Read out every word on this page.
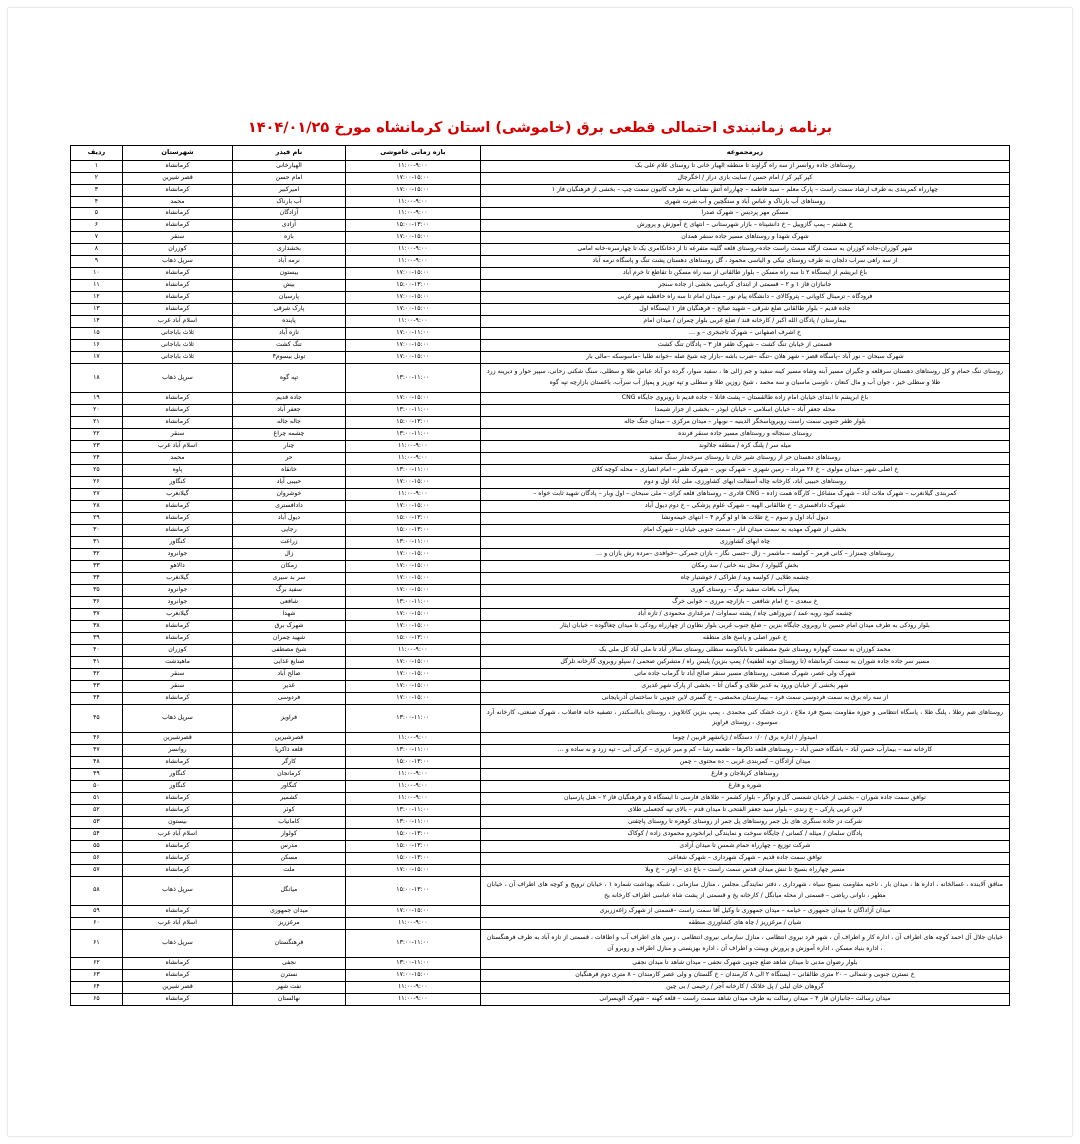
برنامه زمانبندی احتمالی قطعی برق (خاموشی) استان کرمانشاه مورخ ۱۴۰۴/۰۱/۲۵
زیرمجموعه	بازه زمانی خاموشی	نام فیدر	شهرستان	ردیف
روستاهای جاده روانسر از سه راه گراوند تا منطقه الهیار خانی تا روستای غلام علی بک	۱۱:۰۰-۹:۰۰	الهیارخانی	کرمانشاه	۱
کپر کپر کر / امام حسن / سایت بازی دراز / اخگرچال	۱۷:۰۰-۱۵:۰۰	امام حسن	قصر شیرین	۲
چهارراه کمربندی به طرف ارشاد سمت راست – پارک معلم – سید فاطمه – چهارراه آتش نشانی به طرف کانیون سمت چپ – بخشی از فرهنگیان فاز ۱	۱۷:۰۰-۱۵:۰۰	امیرکبیر	کرمانشاه	۳
روستاهای آب بارناک و عباس آباد و ستگچین و آب شرت شهری	۱۱:۰۰-۹:۰۰	آب بارناک	محمد	۴
مسکن مهر پردیس – شهرک صدرا	۱۱:۰۰-۹:۰۰	آزادگان	کرمانشاه	۵
خ هشتم – پمپ گازوییل – خ دانشپناه – بازار شهرستانی – انتهای خ آموزش و پرورش	۱۵:۰۰-۱۳:۰۰	آزادی	کرمانشاه	۶
شهرک شهدا و روستاهای مسیر جاده سنقر همدان	۱۷:۰۰-۱۵:۰۰	بازه	سنقر	۷
شهر کوزران-جاده کوزران به سمت ازگله سمت راست جاده-روستای قلعه گلینه متفرعه تا از دخانکامری یک تا چهارسره-خانه امامی	۱۱:۰۰-۹:۰۰	بخشداری	کوزران	۸
از سه راهی سراب دلجان به طرف روستای نیکی و الیاسی محمود ، گل روستاهای دهستان پشت تنگ و پاسگاه نرمه آباد	۱۱:۰۰-۹:۰۰	نرمه آباد	سرپل ذهاب	۹
باغ ابریشم از ایستگاه ۲ تا سه راه مسکن – بلوار طالقانی از سه راه مسکن تا تقاطع تا خرم آباد	۱۷:۰۰-۱۵:۰۰	بیستون	کرمانشاه	۱۰
جانبازان فاز ۱ و ۲ – قسمتی از ابتدای کرباسی بخشی از جاده سنجر	۱۵:۰۰-۱۳:۰۰	بیش	کرمانشاه	۱۱
فرودگاه – ترمینال کاویانی – پتروکالای – دانشگاه پیام نور – میدان امام تا سه راه حافظیه شهر غربی	۱۷:۰۰-۱۵:۰۰	پارسیان	کرمانشاه	۱۲
جاده قدیم – بلوار طالقانی ضلع شرقی – شهید صالح – فرهنگیان فاز ۱ ایستگاه اول	۱۷:۰۰-۱۵:۰۰	پارک شرقی	کرمانشاه	۱۳
بیمارستان / پادگان الله اکبر / کارخانه قند / ضلع غربی بلوار چمران / میدان امام	۱۱:۰۰-۹:۰۰	پاینده	اسلام آباد غرب	۱۴
خ اشرف اصفهانی – شهرک تاجبخری – و …	۱۷:۰۰-۱۱:۰۰	تازه آباد	ثلاث باباجانی	۱۵
قسمتی از خیابان تنگ کشت – شهرک ظفر فاز ۳ – پادگان تنگ کشت	۱۷:۰۰-۱۵:۰۰	تنگ کشت	ثلاث باباجانی	۱۶
شهرک سبحان – نور آباد –پاسگاه قصر – شهر هلان –تنگه –ضرب باشه –بازار چه شیخ صله –خوانه طلبا –ماسوسکه –مالی بار	۱۷:۰۰-۱۵:۰۰	تونل بیسوم۴	ثلاث باباجانی	۱۷
روستای تنگ حمام و کل روستاهای دهستان سرقلعه و جگیران مسیر آبنه وشاه مسیر کینه سفید و جم ژالی ها ، سفید سوار، گرده دو آباد عباس طلا و سطلی، سنگ شکنی رحانی، سپیر حوار و دیرینه زرد طلا و سطلی خیز ، جوان آب و مال کنعان ، ناوسی ماسیان و سه محمد ، شیخ روزین طلا و سطلی و تپه توریز و پمپاژ آب سرآب، باغستان بازارچه تپه گوه	۱۳:۰۰-۱۱:۰۰	تپه گوه	سرپل ذهاب	۱۸
باغ ابریشم تا ابتدای خیابان امام زاده طالقستان – پشت فانلا – جاده قدیم تا روبروی جایگاه CNG	۱۷:۰۰-۱۵:۰۰	جاده قدیم	کرمانشاه	۱۹
محله جعفر آباد – خیابان اسلامی – خیابان ابوذر – بخشی از جزار شیمدا	۱۳:۰۰-۱۱:۰۰	جعفر آباد	کرمانشاه	۲۰
بلوار ظفر جنوبی سمت راست روبروپاسخگر الدینیه – نوبهار – میدان مرکزی – میدان جنگ جاله	۱۵:۰۰-۱۳:۰۰	جاله جاله	کرمانشاه	۲۱
روستای سنجاله و روستاهای مسیر جاده سنقر فرنده	۱۳:۰۰-۱۱:۰۰	چشمه چراغ	سنقر	۲۲
میله سر / پلنگ کره / منطقه جلالوند	۱۱:۰۰-۹:۰۰	چنار	اسلام آباد غرب	۲۳
روستاهای دهستان حر از روستای شیر خان تا روستای سرخه‌دار سنگ سفید	۱۱:۰۰-۹:۰۰	حر	محمد	۲۴
خ اصلی شهر –میدان مولوی – خ ۲۶ مرداد – زمین شهری – شهرک نوین – شهرک ظفر – امام انصاری – محله کوچه کلان	۱۳:۰۰-۱۱:۰۰	خانقاه	پاوه	۲۵
روستاهای حبیبی آباد، کارخانه چاله آسفالت ابهای کشاورزی، ملی آباد اول و دوم	۱۷:۰۰-۱۵:۰۰	حبیبی آباد	کنگاور	۲۶
کمربندی گیلانغرب – شهرک ملات آباد – شهرک مشاغل – کارگاه همت زاده – CNG قادری – روستاهای قلعه کرای – ملی سبحان – اول وبار – پادگان شهید ثابت خواه –	۱۱:۰۰-۹:۰۰	خوشروان	گیلانغرب	۲۷
شهرک دادافستری – خ طالقانی الهیه – شهرک علوم پزشکی – خ دوم دیول آباد	۱۷:۰۰-۱۵:۰۰	دادافستری	کرمانشاه	۲۸
دیول آباد اول و سوم – خ طلات ها او لو گرم ۴ – انتهای خیمه‌ونشا	۱۵:۰۰-۱۳:۰۰	دیول آباد	کرمانشاه	۲۹
بخشی از شهرک مهدیه به سمت میدان انار – سمت جنوبی خیابان – شهرک امام	۱۵:۰۰-۱۳:۰۰	رجایی	کرمانشاه	۳۰
چاه ابهای کشاورزی	۱۳:۰۰-۱۱:۰۰	زراعت	کنگاور	۳۱
روستاهای چمنزار – کانی فرمر – کولسه – ماشمر – زال –جسی نگار – بازان جمرکی –خوافدی –مرده رش بازان و …	۱۷:۰۰-۱۵:۰۰	زال	جوانرود	۳۲
بخش گلیوارد / محل بنه خانی / سد رمکان	۱۷:۰۰-۱۵:۰۰	زمکان	دالاهو	۳۳
چشمه طلایی / کولسه وبد / طراکی / خوشتیار چاه	۱۷:۰۰-۱۵:۰۰	سر بد سیری	گیلانغرب	۳۴
پمپاژ آب بافات سفید برگ – روستای کوری	۱۷:۰۰-۱۵:۰۰	سفید برگ	جوانرود	۳۵
خ سعدی – خ امام شافعی – بازارچه مرزی – خوابی خرگ	۱۳:۰۰-۱۱:۰۰	شافعی	جوانرود	۳۶
چشمه کبود روبه عمد / نیروزاهی چاه / پشته سماوات / مرغداری محمودی / تازه آباد	۱۷:۰۰-۱۵:۰۰	شهدا	گیلانغرب	۳۷
بلوار رودکی به طرف میدان امام حسین تا روبروی جایگاه بنزین – ضلع جنوب غربی بلوار نظاون از چهارراه رودکی تا میدان چغاگوده – خیابان ایثار	۱۷:۰۰-۱۵:۰۰	شهرک برق	کرمانشاه	۳۸
خ عبور اصلی و پاسخ های منطقه	۱۵:۰۰-۱۳:۰۰	شهید چمران	کرمانشاه	۳۹
محمد کوزران به سمت گهواره روستای شیخ مصطفی تا باباکوسه سطلی روستای سالار آباد تا ملی آباد کل ملی بک	۱۱:۰۰-۹:۰۰	شیخ مصطفی	کوزران	۴۰
مسیر سر جاده جاده شوران به سمت کرمانشاه (تا روستای تونه لطفیه) / پمپ بنزین/ پلیس راه / متشرکین صحمی / سپلو روبروی گارخانه تلزگل	۱۷:۰۰-۱۵:۰۰	صنایع غذایی	ماهیدشت	۴۱
شهرک ولی عصر، شهرک صنعتی، روستاهای مسیر سنقر صالح آباد تا گرماب جاده ماتی	۱۷:۰۰-۱۵:۰۰	صالح آباد	سنقر	۴۲
شهر بخشی از خیابان ورود به غدیر طلای و گمان آتا – بخشی از پارک شهر غدیری	۱۷:۰۰-۱۵:۰۰	غدیر	سنقر	۴۳
از سه راه برق به سمت فردوسی سمت فرد – بیمارستان مخمصی – خ گسری لاین جنوبی تا ساختمان آذربایجانی	۱۷:۰۰-۱۵:۰۰	فردوسی	کرمانشاه	۴۴
روستاهای ضم رطلا ، پلنگ طلا ، پاسگاه انتظامی و حوزه مقاومت بسیج فرد ملاع ، ذرت خشک کنی محمدی ، پمپ بنزین کاتلاویز ، روستای بابااسکندر ، تصفیه خانه فاضلاب ، شهرک صنعتی، کارخانه آرد سوسوی ، روستای فراویز	۱۳:۰۰-۱۱:۰۰	فراویز	سرپل ذهاب	۴۵
امیدوار / اداره برق / ۰/۰ دستگاه / ژیانشهر قربین / چوما	۱۱:۰۰-۹:۰۰	قصرشیرین	قصرشیرین	۴۶
کارخانه سه – بیمارآب حسن آباد – باشگاه حسن آباد – روستاهای قلعه ذاکرها – طعمه رشا – کم و میر عزیزی – کرکی آبی – تپه زرد و نه ساده و …	۱۳:۰۰-۱۱:۰۰	قلعه ذاکریا	روانسر	۴۷
میدان آزادگان – کمربندی غربی – ده محتوی – چمن	۱۵:۰۰-۱۳:۰۰	کارگر	کرمانشاه	۴۸
روستاهای کربلاجان و فارغ	۱۱:۰۰-۹:۰۰	کرمانجان	کنگاور	۴۹
شوره و فارغ	۱۱:۰۰-۹:۰۰	کنگاور	کنگاور	۵۰
توافق سمت جاده شوران – بخشی از خیابان شمسی گل و تواگر – بلوار کشمر – طلاهای فارسی تا ایستگاه ۵ و فرهنگیان فاز ۲ – هتل پارسیان	۱۱:۰۰-۹:۰۰	کشمیر	کرمانشاه	۵۱
لاین غربی پارکی – خ زندی – بلوار سید جعفر الفتحی تا میدان قدم – بالای تپه کجعملی طلای	۱۳:۰۰-۱۱:۰۰	کوئر	کرمانشاه	۵۲
شرکت در جاده سنگری های بل جمر روستاهای پل جمر از روستای کوهره تا روستای پاچفتی	۱۳:۰۰-۱۱:۰۰	کامانیاب	بیستون	۵۳
پادگان سلمان / میثله / کسانی / جایگاه سوخت و نمایندگی ایرانخودرو محمودی زاده / کوکاک	۱۵:۰۰-۱۳:۰۰	کولوار	اسلام آباد غرب	۵۴
شرکت توزیع – چهارراه حمام شمس تا میدان آزادی	۱۵:۰۰-۱۳:۰۰	مدرس	کرمانشاه	۵۵
توافق سمت جاده قدیم – شهرک شهرداری – شهرک شعاعی	۱۵:۰۰-۱۳:۰۰	مسکن	کرمانشاه	۵۶
مسیر چهارراه بسیج تا تنش میدان قدس سمت راست – باغ ذی – اودر – خ وبلا	۱۷:۰۰-۱۵:۰۰	ملت	کرمانشاه	۵۷
منافق آلاینده ، غسالخانه ، اداره ها ، میدان بار ، ناحیه مقاومت بسیج سیاه ، شهرداری ، دفتر نمایندگی مجلس ، منازل سازمانی ، شبکه بهداشت شماره ۱ ، خیابان ترویج و کوچه های اطراف آن ، خیابان مطهر ، ناوانی ریاضی – قسمتی از محله میانگل / کارخانه یخ و قسمتی از پشت شاه عباسی اطراف کارخانه یخ	۱۵:۰۰-۱۳:۰۰	میانگل	سرپل ذهاب	۵۸
میدان آزاداگان تا میدان جمهوری – خیامه – میدان جمهوری تا وکیل آقا سمت راست –قسمتی از شهرک زاغه‌زربری	۱۷:۰۰-۱۵:۰۰	میدان جمهوری	کرمانشاه	۵۹
شیان / مرغزریز / چاه های کشاورزی منطقه	۱۱:۰۰-۹:۰۰	مرغزریز	اسلام آباد غرب	۶۰
خیابان جلال آل احمد کوچه های اطراف آن ، اداره کار و اطراف آن ، شهر فرد نیروی انتظامی ، منازل سازمانی نیروی انتظامی ، زمین های اطراف آب و اطاقات ، قسمتی از تازه آباد به طرف فرهنگستان ، اداره بنیاد مسکن ، اداره آموزش و پرورش وبینت و اطراف آن ، اداره بهزیستی و منازل اطراف و روبرو آن	۱۳:۰۰-۱۱:۰۰	فرهنگستان	سرپل ذهاب	۶۱
بلوار رضوان مدنی تا میدان شاهد ضلع جنوبی شهرک نجفی – میدان شاهد تا میدان نجفی	۱۳:۰۰-۱۱:۰۰	نجفی	کرمانشاه	۶۲
خ نسترن جنوبی و شمالی – ۲۰ متری طالقانی – ایستگاه ۲ الی ۸ کارمندان – خ گلستان و ولی عصر کارمندان – ۸ متری دوم فرهنگیان	۱۷:۰۰-۱۵:۰۰	نسترن	کرمانشاه	۶۳
گروهان خان لیلی / پل خلائک / کارخانه آجر / رحیمی / بی چین	۱۱:۰۰-۹:۰۰	نفت شهر	قصر شیرین	۶۴
میدان رسالت –جانبازان فاز ۴ – میدان رسالت به طرف میدان شاهد سمت راست – قلعه کهنه – شهرک الویسرانی	۱۱:۰۰-۹:۰۰	نهالستان	کرمانشاه	۶۵
